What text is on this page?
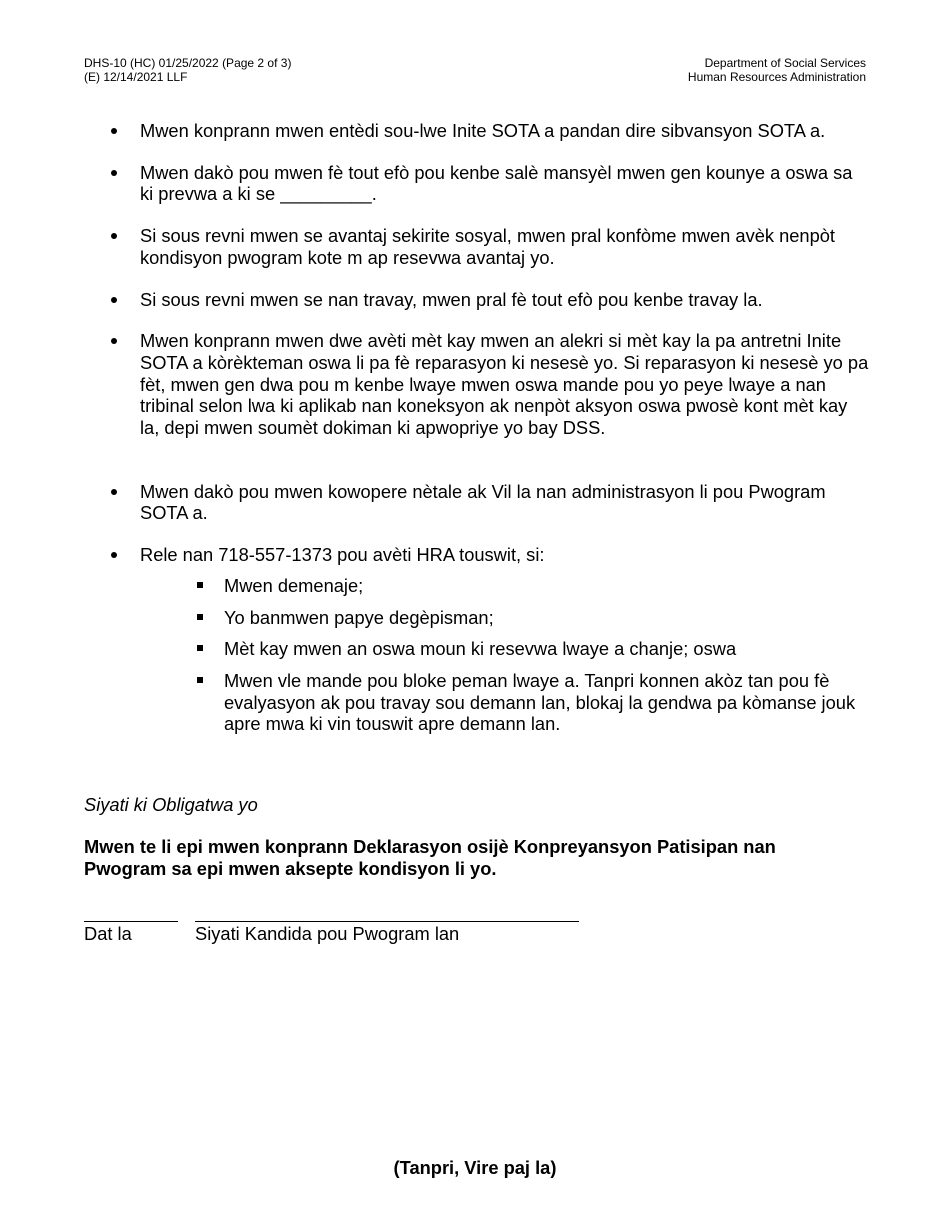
DHS-10 (HC) 01/25/2022 (Page 2 of 3)
(E) 12/14/2021 LLF
Department of Social Services
Human Resources Administration
Mwen konprann mwen entèdi sou-lwe Inite SOTA a pandan dire sibvansyon SOTA a.
Mwen dakò pou mwen fè tout efò pou kenbe salè mansyèl mwen gen kounye a oswa sa ki prevwa a ki se _________.
Si sous revni mwen se avantaj sekirite sosyal, mwen pral konfòme mwen avèk nenpòt kondisyon pwogram kote m ap resevwa avantaj yo.
Si sous revni mwen se nan travay, mwen pral fè tout efò pou kenbe travay la.
Mwen konprann mwen dwe avèti mèt kay mwen an alekri si mèt kay la pa antretni Inite SOTA a kòrèkteman oswa li pa fè reparasyon ki nesesè yo. Si reparasyon ki nesesè yo pa fèt, mwen gen dwa pou m kenbe lwaye mwen oswa mande pou yo peye lwaye a nan tribinal selon lwa ki aplikab nan koneksyon ak nenpòt aksyon oswa pwosè kont mèt kay la, depi mwen soumèt dokiman ki apwopriye yo bay DSS.
Mwen dakò pou mwen kowopere nètale ak Vil la nan administrasyon li pou Pwogram SOTA a.
Rele nan 718-557-1373 pou avèti HRA touswit, si:
Mwen demenaje;
Yo banmwen papye degèpisman;
Mèt kay mwen an oswa moun ki resevwa lwaye a chanje; oswa
Mwen vle mande pou bloke peman lwaye a. Tanpri konnen akòz tan pou fè evalyasyon ak pou travay sou demann lan, blokaj la gendwa pa kòmanse jouk apre mwa ki vin touswit apre demann lan.
Siyati ki Obligatwa yo
Mwen te li epi mwen konprann Deklarasyon osijè Konpreyansyon Patisipan nan Pwogram sa epi mwen aksepte kondisyon li yo.
Dat la	Siyati Kandida pou Pwogram lan
(Tanpri, Vire paj la)
